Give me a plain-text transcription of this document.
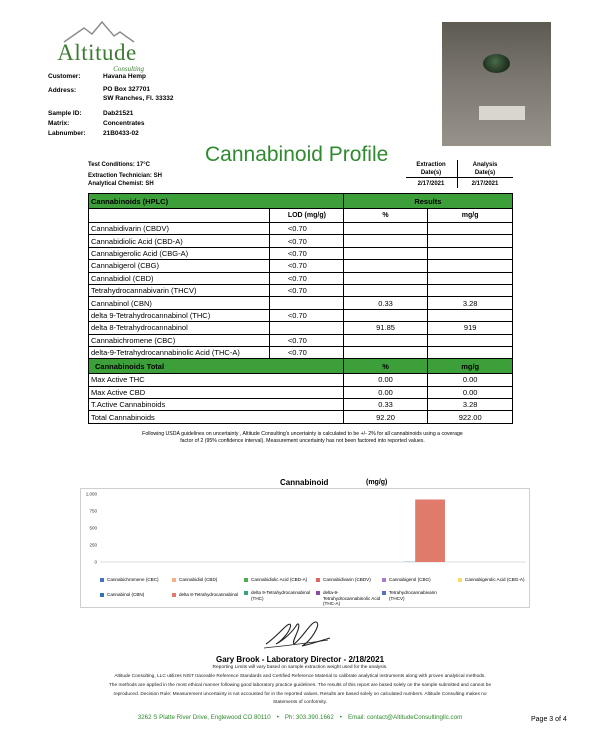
Altitude
Consulting
Customer:	Havana Hemp
Address:	PO Box 327701
SW Ranches, Fl. 33332
Sample ID:	Dab21521
Matrix:	Concentrates
Labnumber:	21B0433-02
Cannabinoid Profile
Test Conditions: 17°C
Extraction Technician: SH
Analytical Chemist: SH
Extraction
Date(s)
2/17/2021
Analysis
Date(s)
2/17/2021
Cannabinoids (HPLC)		Results	
	LOD (mg/g)	%	mg/g
Cannabidivarin (CBDV)	<0.70		
Cannabidiolic Acid (CBD-A)	<0.70		
Cannabigerolic Acid (CBG-A)	<0.70		
Cannabigerol (CBG)	<0.70		
Cannabidiol (CBD)	<0.70		
Tetrahydrocannabivarin (THCV)	<0.70		
Cannabinol (CBN)		0.33	3.28
delta 9-Tetrahydrocannabinol (THC)	<0.70		
delta 8-Tetrahydrocannabinol		91.85	919
Cannabichromene (CBC)	<0.70		
delta-9-Tetrahydrocannabinolic Acid (THC-A)	<0.70		
Cannabinoids Total		%	mg/g
Max Active THC		0.00	0.00
Max Active CBD		0.00	0.00
T.Active Cannabinoids		0.33	3.28
Total Cannabinoids		92.20	922.00
Following USDA guidelines on uncertainty , Altitude Consulting's uncertainty is calculated to be +/- 2% for all cannabinoids using a coverage
factor of 2 (95% confidence interval). Measurement uncertainty has not been factored into reported values.
Cannabinoid	(mg/g)
0
250
500
750
1,000
Cannabichromene (CBC)	Cannabidiol (CBD)	Cannabidiolic Acid (CBD-A)	Cannabidivarin (CBDV)	Cannabigerol (CBG)	Cannabigerolic Acid (CBG-A)
Cannabinol (CBN)	delta 8-Tetrahydrocannabinol	delta 9-Tetrahydrocannabinol (THC)
delta-9-Tetrahydrocannabinolic Acid (THC-A)
Tetrahydrocannabivarin (THCV)
Gary Brook - Laboratory Director - 2/18/2021
Reporting Limits will vary based on sample extraction weight used for the analysis.
Altitude Consulting, LLC utilizes NIST traceable Reference Standards and Certified Reference Material to calibrate analytical instruments along with proven analytical methods.
The methods are applied in the most ethical manner following good laboratory practice guidelines. The results of this report are based solely on the sample submitted and cannot be
reproduced. Decision Rule: Measurement uncertainty is not accounted for in the reported values. Results are based solely on calculated numbers. Altitude Consulting makes no
Statements of conformity.
3262 S Platte River Drive, Englewood CO 80110 • Ph: 303.390.1662 • Email: contact@AltitudeConsultingllc.com	Page 3 of 4
